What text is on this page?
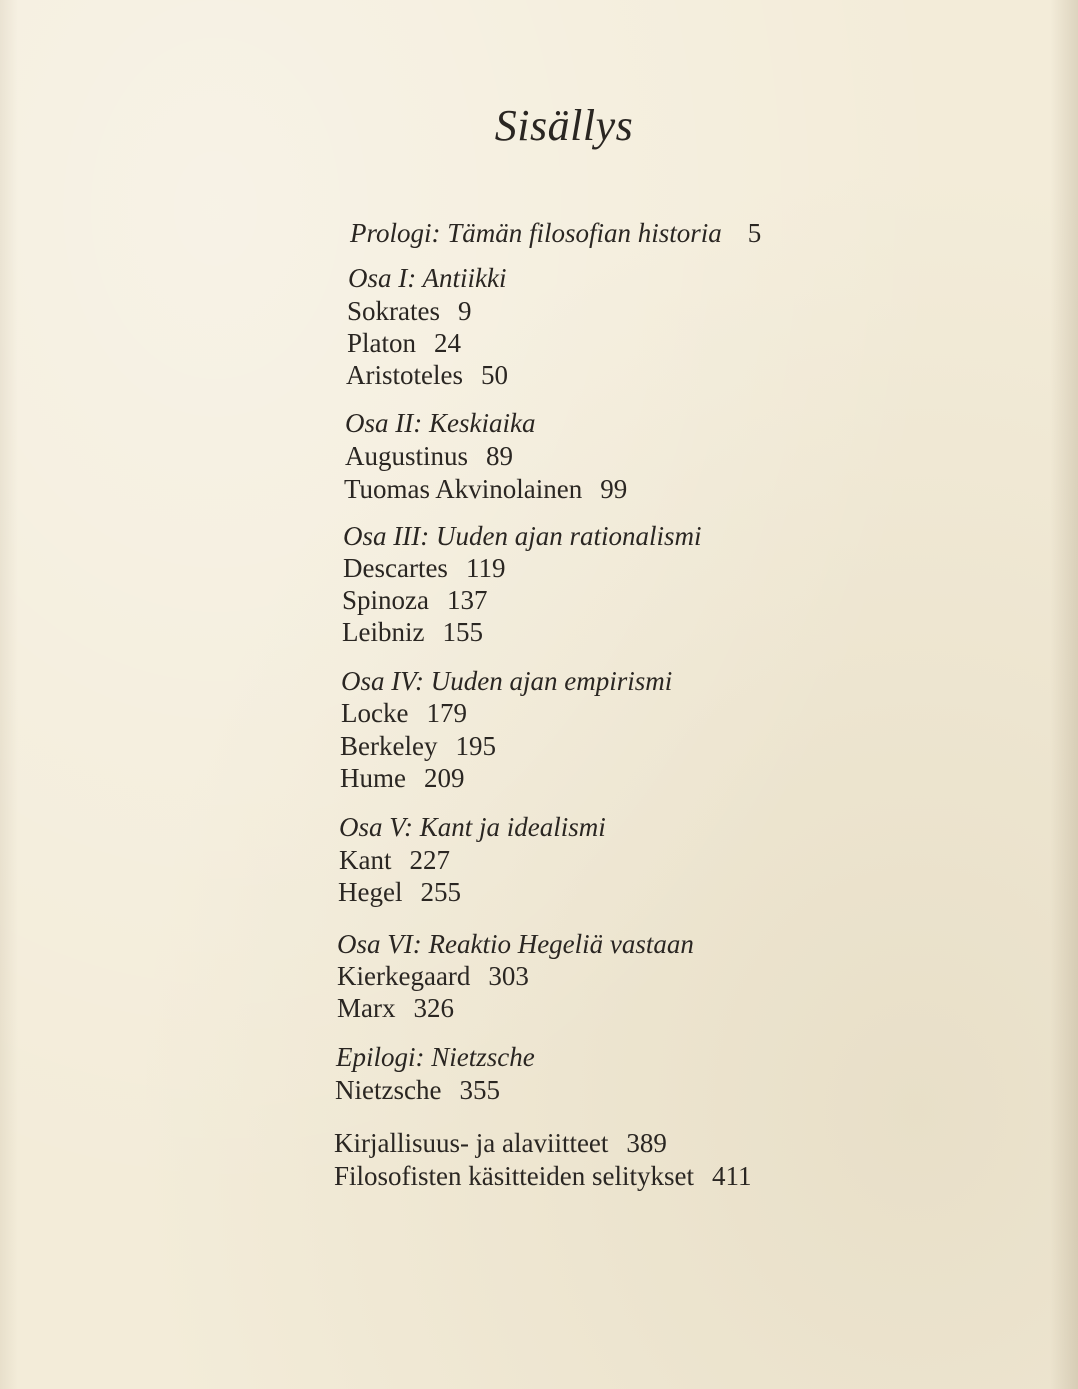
Sisällys
Prologi: Tämän filosofian historia 5
Osa I: Antiikki
Sokrates 9
Platon 24
Aristoteles 50
Osa II: Keskiaika
Augustinus 89
Tuomas Akvinolainen 99
Osa III: Uuden ajan rationalismi
Descartes 119
Spinoza 137
Leibniz 155
Osa IV: Uuden ajan empirismi
Locke 179
Berkeley 195
Hume 209
Osa V: Kant ja idealismi
Kant 227
Hegel 255
Osa VI: Reaktio Hegeliä vastaan
Kierkegaard 303
Marx 326
Epilogi: Nietzsche
Nietzsche 355
Kirjallisuus- ja alaviitteet 389
Filosofisten käsitteiden selitykset 411
